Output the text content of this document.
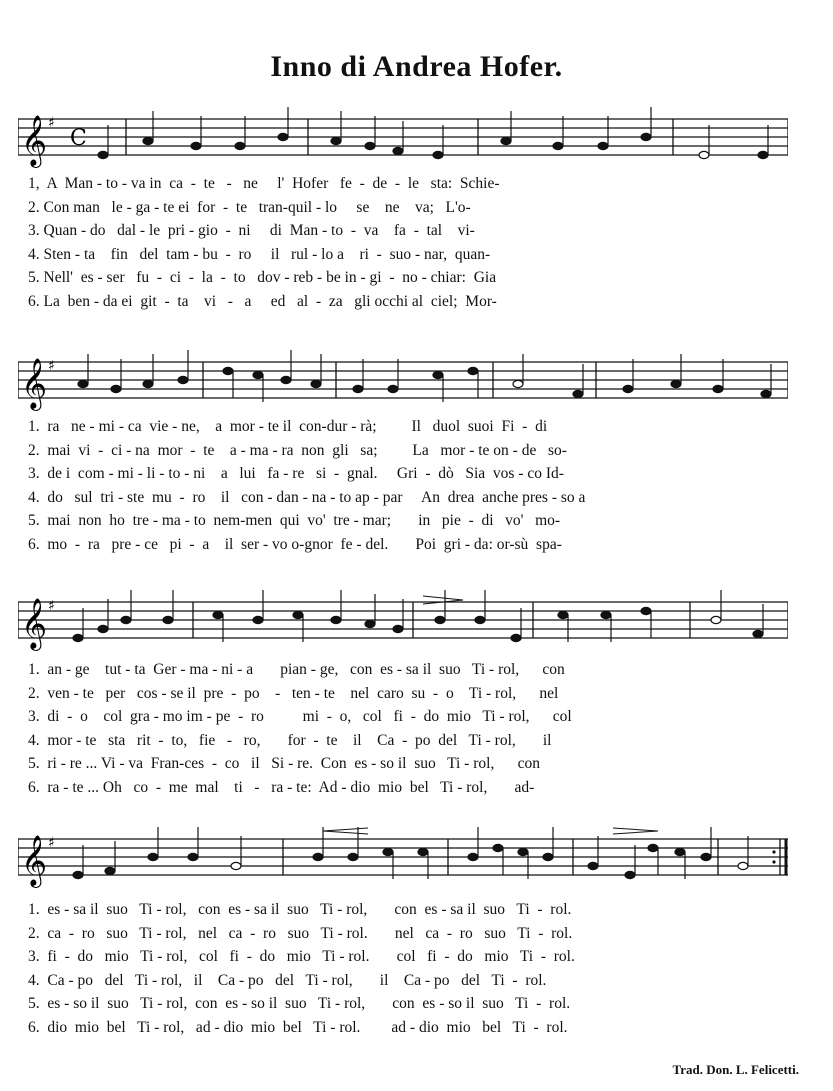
Inno di Andrea Hofer.
𝄞 ♯
C
1,  A  Man - to - va in  ca  -  te   -   ne     l'  Hofer   fe  -  de  -  le   sta:  Schie-
2. Con man   le - ga - te ei  for  -  te   tran-quil - lo     se    ne    va;   L'o-
3. Quan - do   dal - le  pri - gio  -  ni     di  Man - to  -  va    fa  -  tal    vi-
4. Sten - ta    fin   del  tam - bu  -  ro     il   rul - lo a    ri  -  suo - nar,  quan-
5. Nell'  es - ser   fu  -  ci  -  la  -  to   dov - reb - be in - gi  -  no - chiar:  Gia
6. La  ben - da ei  git  -  ta    vi   -   a     ed   al  -  za   gli occhi al  ciel;  Mor-
𝄞 ♯
1.  ra   ne - mi - ca  vie - ne,    a  mor - te il  con-dur - rà;         Il   duol  suoi  Fi  -  di
2.  mai  vi  -  ci - na  mor  -  te    a - ma - ra  non  gli   sa;         La   mor - te on - de   so-
3.  de i  com - mi - li - to - ni    a   lui   fa - re   si  -  gnal.     Gri  -  dò   Sia  vos - co Id-
4.  do   sul  tri - ste  mu  -  ro    il   con - dan - na - to ap - par     An  drea  anche pres - so a
5.  mai  non  ho  tre - ma - to  nem-men  qui  vo'  tre - mar;       in   pie  -  di   vo'   mo-
6.  mo  -  ra   pre - ce   pi  -  a    il  ser - vo o-gnor  fe - del.       Poi  gri - da: or-sù  spa-
𝄞 ♯
1.  an - ge    tut - ta  Ger - ma - ni - a       pian - ge,   con  es - sa il  suo   Ti - rol,      con
2.  ven - te   per   cos - se il  pre  -  po    -   ten - te    nel  caro  su  -  o    Ti - rol,      nel
3.  di  -  o    col  gra - mo im - pe  -  ro          mi  -  o,   col   fi  -  do  mio   Ti - rol,      col
4.  mor - te   sta   rit  -  to,   fie   -   ro,       for  -  te    il    Ca  -  po  del   Ti - rol,       il
5.  ri - re ... Vi - va  Fran-ces  -  co   il   Si - re.  Con  es - so il  suo   Ti - rol,      con
6.  ra - te ... Oh   co  -  me  mal    ti   -   ra - te:  Ad - dio  mio  bel   Ti - rol,       ad-
𝄞 ♯
1.  es - sa il  suo   Ti - rol,   con  es - sa il  suo   Ti - rol,       con  es - sa il  suo   Ti  -  rol.
2.  ca  -  ro   suo   Ti - rol,   nel   ca  -  ro   suo   Ti - rol.       nel   ca  -  ro   suo   Ti  -  rol.
3.  fi  -  do   mio   Ti - rol,   col   fi  -  do   mio   Ti - rol.       col   fi  -  do   mio   Ti  -  rol.
4.  Ca - po   del   Ti - rol,   il    Ca - po   del   Ti - rol,       il    Ca - po   del   Ti  -  rol.
5.  es - so il  suo   Ti - rol,  con  es - so il  suo   Ti - rol,       con  es - so il  suo   Ti  -  rol.
6.  dio  mio  bel   Ti - rol,   ad - dio  mio  bel   Ti - rol.        ad - dio  mio   bel   Ti  -  rol.
Trad. Don. L. Felicetti.
